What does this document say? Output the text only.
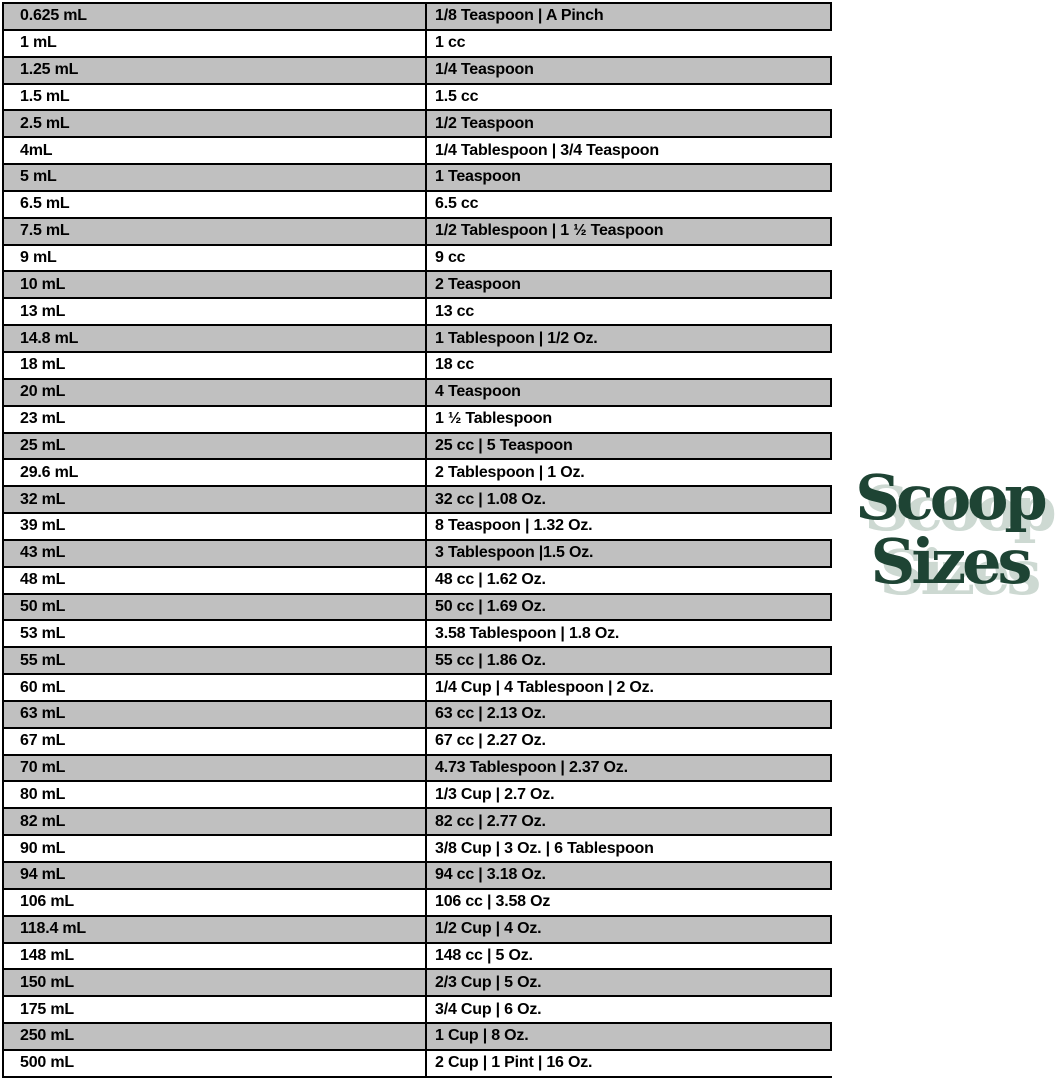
0.625 mL	1/8 Teaspoon | A Pinch
1 mL	1 cc
1.25 mL	1/4 Teaspoon
1.5 mL	1.5 cc
2.5 mL	1/2 Teaspoon
4mL	1/4 Tablespoon | 3/4 Teaspoon
5 mL	1 Teaspoon
6.5 mL	6.5 cc
7.5 mL	1/2 Tablespoon | 1 ½ Teaspoon
9 mL	9 cc
10 mL	2 Teaspoon
13 mL	13 cc
14.8 mL	1 Tablespoon | 1/2 Oz.
18 mL	18 cc
20 mL	4 Teaspoon
23 mL	1 ½ Tablespoon
25 mL	25 cc | 5 Teaspoon
29.6 mL	2 Tablespoon | 1 Oz.
32 mL	32 cc | 1.08 Oz.
39 mL	8 Teaspoon | 1.32 Oz.
43 mL	3 Tablespoon |1.5 Oz.
48 mL	48 cc | 1.62 Oz.
50 mL	50 cc | 1.69 Oz.
53 mL	3.58 Tablespoon | 1.8 Oz.
55 mL	55 cc | 1.86 Oz.
60 mL	1/4 Cup | 4 Tablespoon | 2 Oz.
63 mL	63 cc | 2.13 Oz.
67 mL	67 cc | 2.27 Oz.
70 mL	4.73 Tablespoon | 2.37 Oz.
80 mL	1/3 Cup | 2.7 Oz.
82 mL	82 cc | 2.77 Oz.
90 mL	3/8 Cup | 3 Oz. | 6 Tablespoon
94 mL	94 cc | 3.18 Oz.
106 mL	106 cc | 3.58 Oz
118.4 mL	1/2 Cup | 4 Oz.
148 mL	148 cc | 5 Oz.
150 mL	2/3 Cup | 5 Oz.
175 mL	3/4 Cup | 6 Oz.
250 mL	1 Cup | 8 Oz.
500 mL	2 Cup | 1 Pint | 16 Oz.
Scoop
Sizes
